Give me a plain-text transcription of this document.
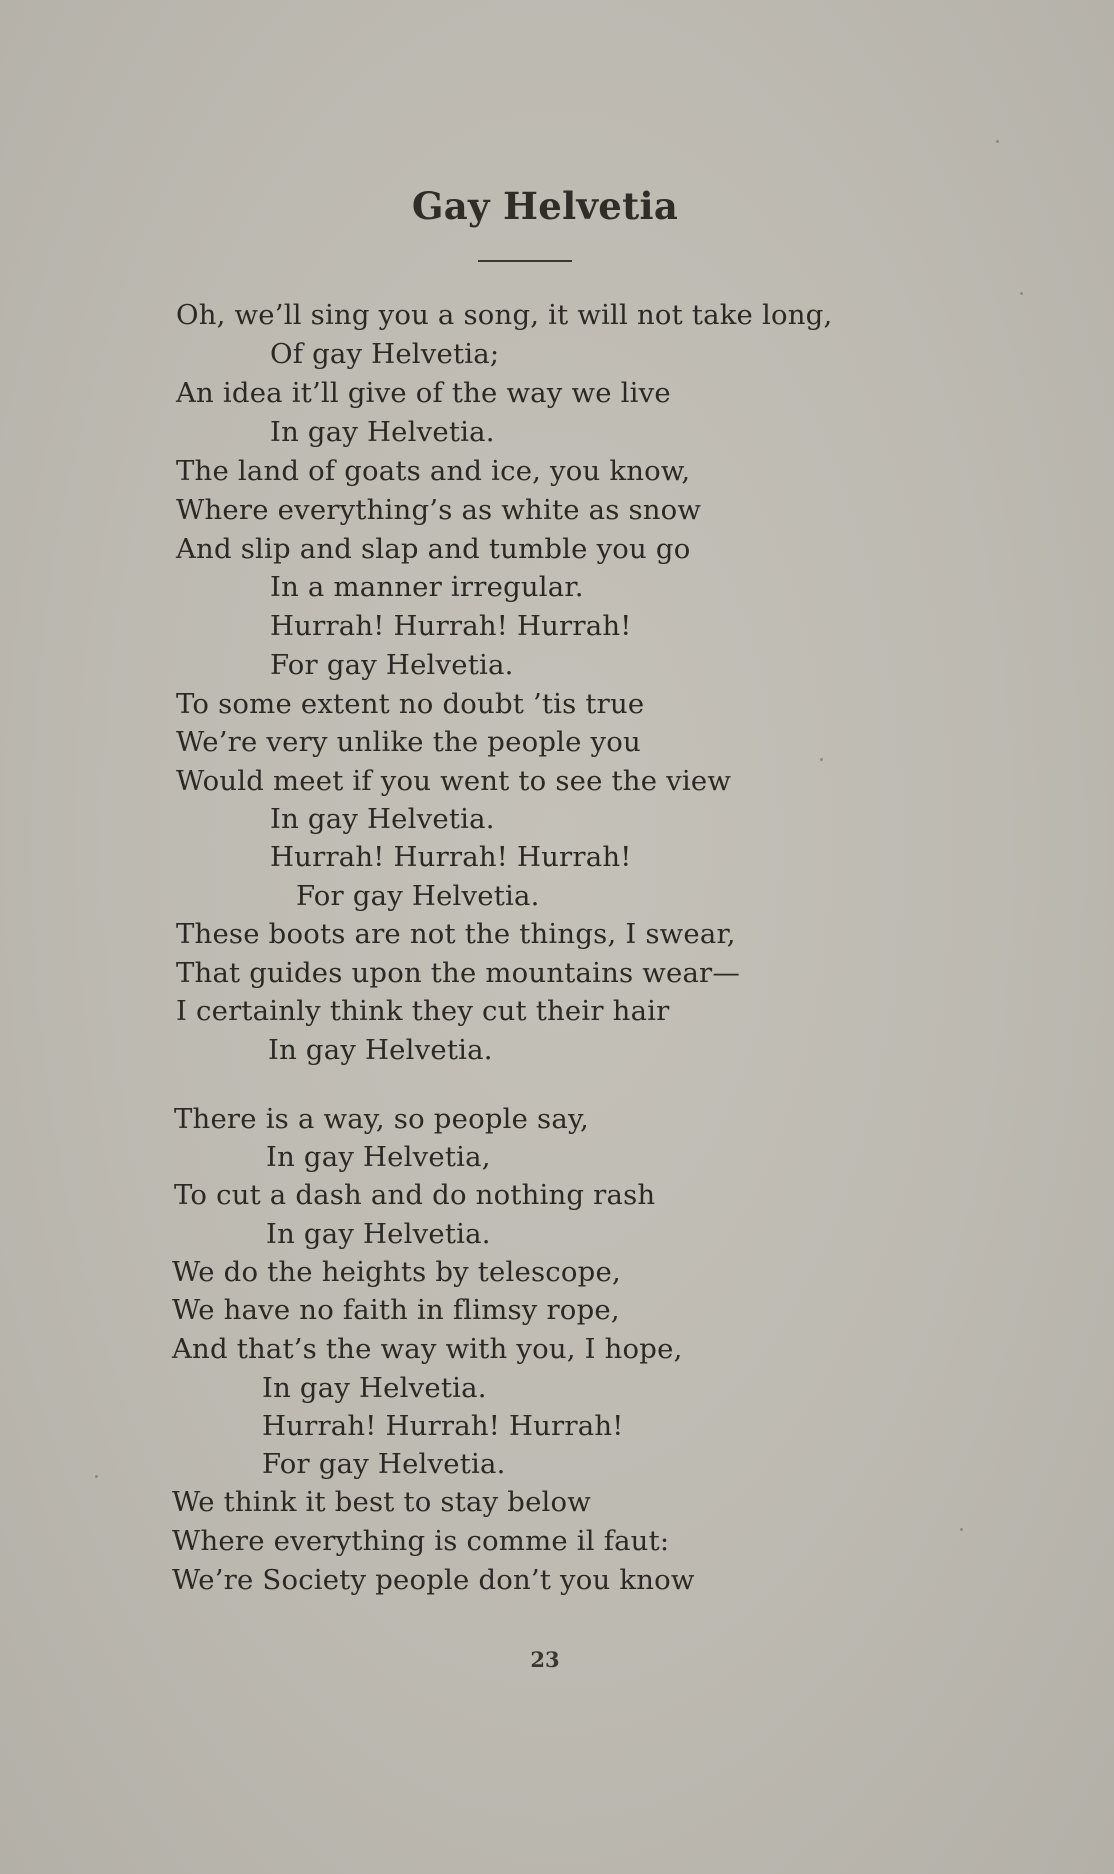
Gay Helvetia
Oh, we’ll sing you a song, it will not take long,
Of gay Helvetia;
An idea it’ll give of the way we live
In gay Helvetia.
The land of goats and ice, you know,
Where everything’s as white as snow
And slip and slap and tumble you go
In a manner irregular.
Hurrah! Hurrah! Hurrah!
For gay Helvetia.
To some extent no doubt ’tis true
We’re very unlike the people you
Would meet if you went to see the view
In gay Helvetia.
Hurrah! Hurrah! Hurrah!
For gay Helvetia.
These boots are not the things, I swear,
That guides upon the mountains wear—
I certainly think they cut their hair
In gay Helvetia.
There is a way, so people say,
In gay Helvetia,
To cut a dash and do nothing rash
In gay Helvetia.
We do the heights by telescope,
We have no faith in flimsy rope,
And that’s the way with you, I hope,
In gay Helvetia.
Hurrah! Hurrah! Hurrah!
For gay Helvetia.
We think it best to stay below
Where everything is comme il faut:
We’re Society people don’t you know
23
